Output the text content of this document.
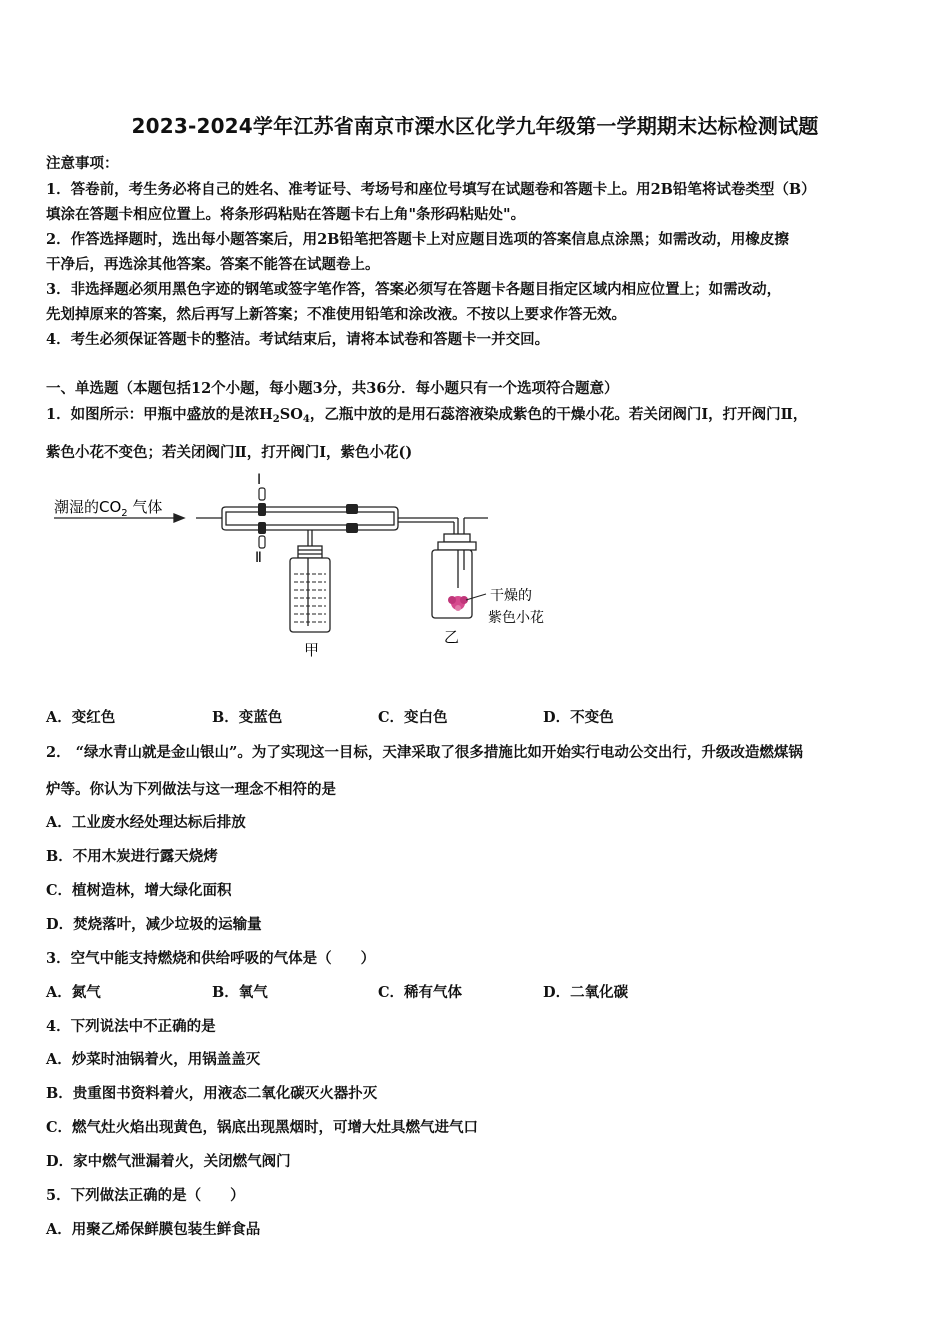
2023-2024学年江苏省南京市溧水区化学九年级第一学期期末达标检测试题
注意事项：
1．答卷前，考生务必将自己的姓名、准考证号、考场号和座位号填写在试题卷和答题卡上。用2B铅笔将试卷类型（B）
填涂在答题卡相应位置上。将条形码粘贴在答题卡右上角"条形码粘贴处"。
2．作答选择题时，选出每小题答案后，用2B铅笔把答题卡上对应题目选项的答案信息点涂黑；如需改动，用橡皮擦
干净后，再选涂其他答案。答案不能答在试题卷上。
3．非选择题必须用黑色字迹的钢笔或签字笔作答，答案必须写在答题卡各题目指定区域内相应位置上；如需改动，
先划掉原来的答案，然后再写上新答案；不准使用铅笔和涂改液。不按以上要求作答无效。
4．考生必须保证答题卡的整洁。考试结束后，请将本试卷和答题卡一并交回。
一、单选题（本题包括12个小题，每小题3分，共36分．每小题只有一个选项符合题意）
1．如图所示：甲瓶中盛放的是浓$H_2SO_4$，乙瓶中放的是用石蕊溶液染成紫色的干燥小花。若关闭阀门Ⅰ，打开阀门Ⅱ，
紫色小花不变色；若关闭阀门Ⅱ，打开阀门Ⅰ，紫色小花()
潮湿的$CO_2$ 气体
Ⅰ
Ⅱ
甲
乙
干燥的
紫色小花
A．变红色	B．变蓝色	C．变白色	D．不变色
2． “绿水青山就是金山银山”。为了实现这一目标，天津采取了很多措施比如开始实行电动公交出行，升级改造燃煤锅
炉等。你认为下列做法与这一理念不相符的是
A．工业废水经处理达标后排放
B．不用木炭进行露天烧烤
C．植树造林，增大绿化面积
D．焚烧落叶，减少垃圾的运输量
3．空气中能支持燃烧和供给呼吸的气体是（　　）
A．氮气	B．氧气	C．稀有气体	D．二氧化碳
4．下列说法中不正确的是
A．炒菜时油锅着火，用锅盖盖灭
B．贵重图书资料着火，用液态二氧化碳灭火器扑灭
C．燃气灶火焰出现黄色，锅底出现黑烟时，可增大灶具燃气进气口
D．家中燃气泄漏着火，关闭燃气阀门
5．下列做法正确的是（　　）
A．用聚乙烯保鲜膜包装生鲜食品
